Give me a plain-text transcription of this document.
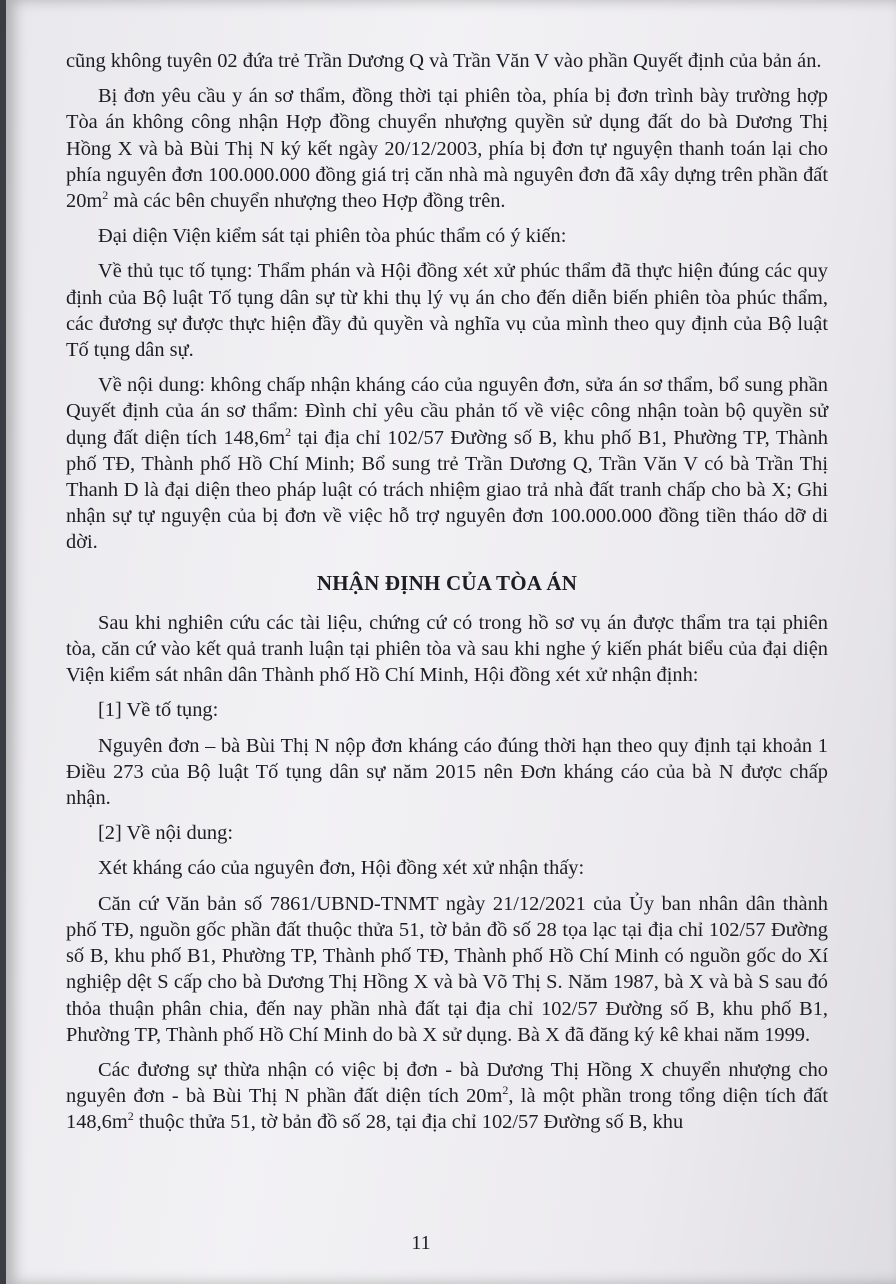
cũng không tuyên 02 đứa trẻ Trần Dương Q và Trần Văn V vào phần Quyết định của bản án.

Bị đơn yêu cầu y án sơ thẩm, đồng thời tại phiên tòa, phía bị đơn trình bày trường hợp Tòa án không công nhận Hợp đồng chuyển nhượng quyền sử dụng đất do bà Dương Thị Hồng X và bà Bùi Thị N ký kết ngày 20/12/2003, phía bị đơn tự nguyện thanh toán lại cho phía nguyên đơn 100.000.000 đồng giá trị căn nhà mà nguyên đơn đã xây dựng trên phần đất $20m^2$ mà các bên chuyển nhượng theo Hợp đồng trên.

Đại diện Viện kiểm sát tại phiên tòa phúc thẩm có ý kiến:

Về thủ tục tố tụng: Thẩm phán và Hội đồng xét xử phúc thẩm đã thực hiện đúng các quy định của Bộ luật Tố tụng dân sự từ khi thụ lý vụ án cho đến diễn biến phiên tòa phúc thẩm, các đương sự được thực hiện đầy đủ quyền và nghĩa vụ của mình theo quy định của Bộ luật Tố tụng dân sự.

Về nội dung: không chấp nhận kháng cáo của nguyên đơn, sửa án sơ thẩm, bổ sung phần Quyết định của án sơ thẩm: Đình chỉ yêu cầu phản tố về việc công nhận toàn bộ quyền sử dụng đất diện tích $148,6m^2$ tại địa chỉ 102/57 Đường số B, khu phố B1, Phường TP, Thành phố TĐ, Thành phố Hồ Chí Minh; Bổ sung trẻ Trần Dương Q, Trần Văn V có bà Trần Thị Thanh D là đại diện theo pháp luật có trách nhiệm giao trả nhà đất tranh chấp cho bà X; Ghi nhận sự tự nguyện của bị đơn về việc hỗ trợ nguyên đơn 100.000.000 đồng tiền tháo dỡ di dời.

NHẬN ĐỊNH CỦA TÒA ÁN

Sau khi nghiên cứu các tài liệu, chứng cứ có trong hồ sơ vụ án được thẩm tra tại phiên tòa, căn cứ vào kết quả tranh luận tại phiên tòa và sau khi nghe ý kiến phát biểu của đại diện Viện kiểm sát nhân dân Thành phố Hồ Chí Minh, Hội đồng xét xử nhận định:

[1] Về tố tụng:

Nguyên đơn – bà Bùi Thị N nộp đơn kháng cáo đúng thời hạn theo quy định tại khoản 1 Điều 273 của Bộ luật Tố tụng dân sự năm 2015 nên Đơn kháng cáo của bà N được chấp nhận.

[2] Về nội dung:

Xét kháng cáo của nguyên đơn, Hội đồng xét xử nhận thấy:

Căn cứ Văn bản số 7861/UBND-TNMT ngày 21/12/2021 của Ủy ban nhân dân thành phố TĐ, nguồn gốc phần đất thuộc thửa 51, tờ bản đồ số 28 tọa lạc tại địa chỉ 102/57 Đường số B, khu phố B1, Phường TP, Thành phố TĐ, Thành phố Hồ Chí Minh có nguồn gốc do Xí nghiệp dệt S cấp cho bà Dương Thị Hồng X và bà Võ Thị S. Năm 1987, bà X và bà S sau đó thỏa thuận phân chia, đến nay phần nhà đất tại địa chỉ 102/57 Đường số B, khu phố B1, Phường TP, Thành phố Hồ Chí Minh do bà X sử dụng. Bà X đã đăng ký kê khai năm 1999.

Các đương sự thừa nhận có việc bị đơn - bà Dương Thị Hồng X chuyển nhượng cho nguyên đơn - bà Bùi Thị N phần đất diện tích $20m^2$, là một phần trong tổng diện tích đất $148,6m^2$ thuộc thửa 51, tờ bản đồ số 28, tại địa chỉ 102/57 Đường số B, khu

11
